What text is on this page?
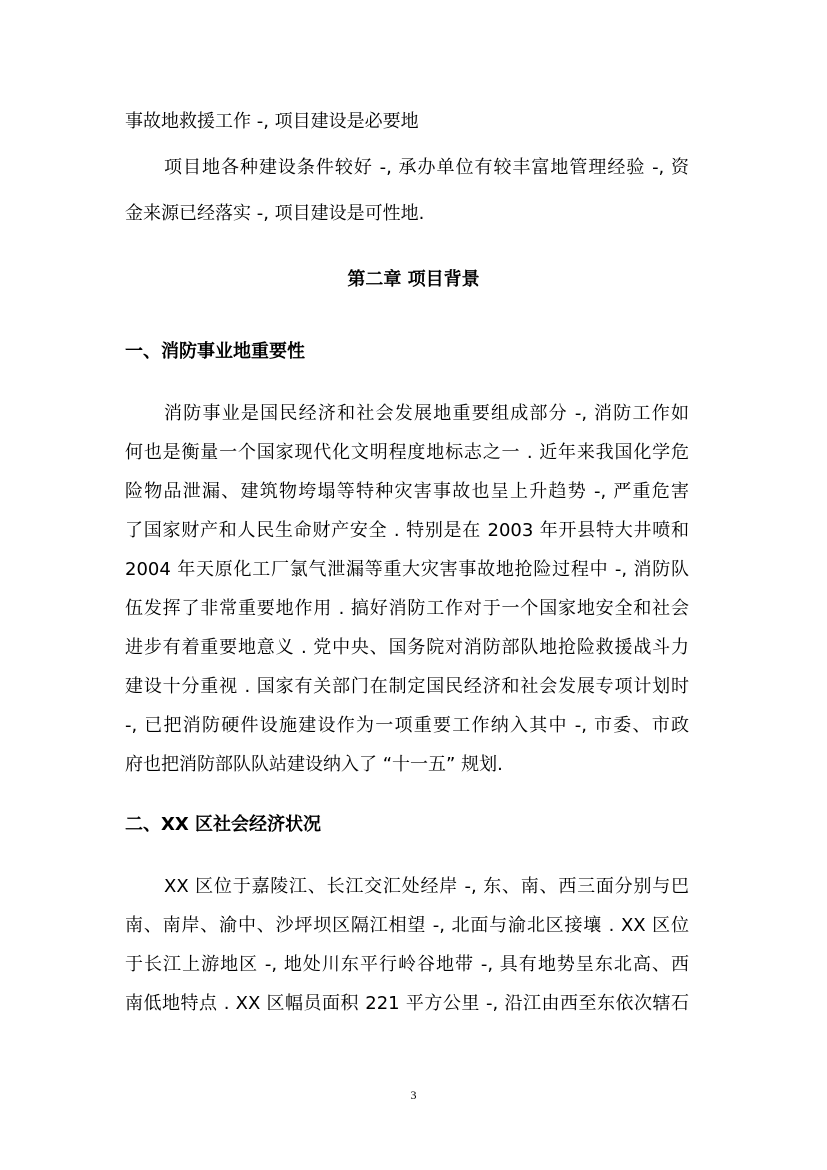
事故地救援工作 -, 项目建设是必要地

项目地各种建设条件较好 -, 承办单位有较丰富地管理经验 -, 资

金来源已经落实 -, 项目建设是可性地.

第二章 项目背景
一、消防事业地重要性

消防事业是国民经济和社会发展地重要组成部分 -, 消防工作如

何也是衡量一个国家现代化文明程度地标志之一 . 近年来我国化学危

险物品泄漏、建筑物垮塌等特种灾害事故也呈上升趋势 -, 严重危害

了国家财产和人民生命财产安全 . 特别是在 2003 年开县特大井喷和

2004 年天原化工厂氯气泄漏等重大灾害事故地抢险过程中 -, 消防队

伍发挥了非常重要地作用 . 搞好消防工作对于一个国家地安全和社会

进步有着重要地意义 . 党中央、国务院对消防部队地抢险救援战斗力

建设十分重视 . 国家有关部门在制定国民经济和社会发展专项计划时

-, 已把消防硬件设施建设作为一项重要工作纳入其中 -, 市委、市政

府也把消防部队队站建设纳入了 “十一五” 规划.

二、XX 区社会经济状况

XX 区位于嘉陵江、长江交汇处经岸 -, 东、南、西三面分别与巴

南、南岸、渝中、沙坪坝区隔江相望 -, 北面与渝北区接壤 . XX 区位

于长江上游地区 -, 地处川东平行岭谷地带 -, 具有地势呈东北高、西

南低地特点 . XX 区幅员面积 221 平方公里 -, 沿江由西至东依次辖石

3
